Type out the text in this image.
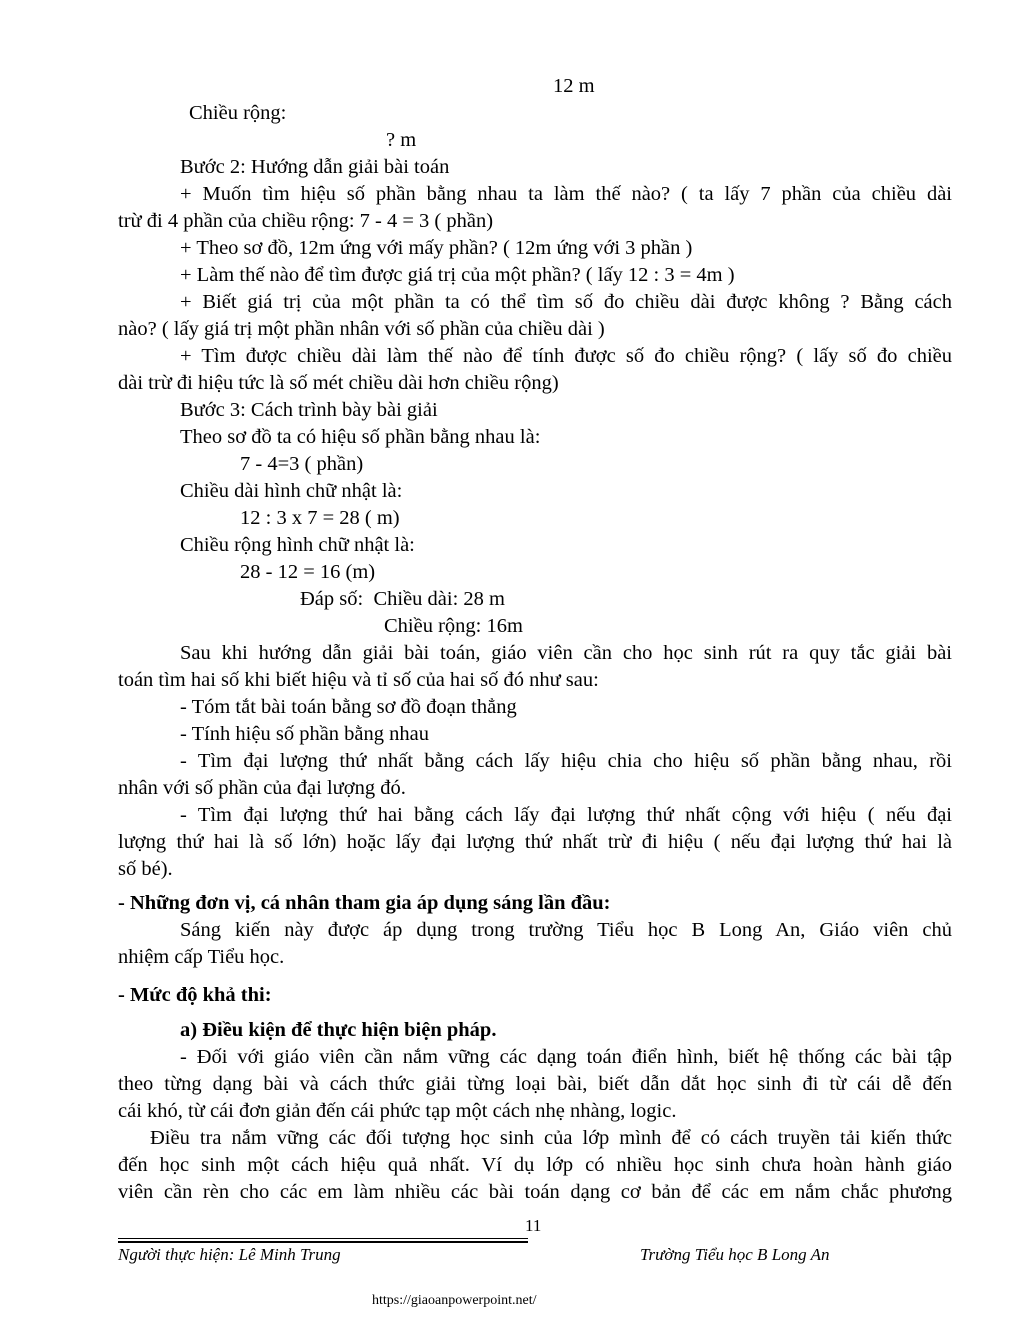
12 m
Chiều rộng:
? m
Bước 2: Hướng dẫn giải bài toán
+ Muốn tìm hiệu số phần bằng nhau ta làm thế nào? ( ta lấy 7 phần của chiều dài
trừ đi 4 phần của chiều rộng: 7 - 4 = 3 ( phần)
+ Theo sơ đồ, 12m ứng với mấy phần? ( 12m ứng với 3 phần )
+ Làm thế nào để tìm được giá trị của một phần? ( lấy 12 : 3 = 4m )
+ Biết giá trị của một phần ta có thể tìm số đo chiều dài được không ? Bằng cách
nào? ( lấy giá trị một phần nhân với số phần của chiều dài )
+ Tìm được chiều dài làm thế nào để tính được số đo chiều rộng? ( lấy số đo chiều
dài trừ đi hiệu tức là số mét chiều dài hơn chiều rộng)
Bước 3: Cách trình bày bài giải
Theo sơ đồ ta có hiệu số phần bằng nhau là:
7 - 4=3 ( phần)
Chiều dài hình chữ nhật là:
12 : 3 x 7 = 28 ( m)
Chiều rộng hình chữ nhật là:
28 - 12 = 16 (m)
Đáp số:  Chiều dài: 28 m
Chiều rộng: 16m
Sau khi hướng dẫn giải bài toán, giáo viên cần cho học sinh rút ra quy tắc giải bài
toán tìm hai số khi biết hiệu và tỉ số của hai số đó như sau:
- Tóm tắt bài toán bằng sơ đồ đoạn thẳng
- Tính hiệu số phần bằng nhau
- Tìm đại lượng thứ nhất bằng cách lấy hiệu chia cho hiệu số phần bằng nhau, rồi
nhân với số phần của đại lượng đó.
- Tìm đại lượng thứ hai bằng cách lấy đại lượng thứ nhất cộng với hiệu ( nếu đại
lượng thứ hai là số lớn) hoặc lấy đại lượng thứ nhất trừ đi hiệu ( nếu đại lượng thứ hai là
số bé).
- Những đơn vị, cá nhân tham gia áp dụng sáng lần đầu:
Sáng kiến này được áp dụng trong trường Tiểu học B Long An, Giáo viên chủ
nhiệm cấp Tiểu học.
- Mức độ khả thi:
a) Điều kiện để thực hiện biện pháp.
- Đối với giáo viên cần nắm vững các dạng toán điển hình, biết hệ thống các bài tập
theo từng dạng bài và cách thức giải từng loại bài, biết dẫn dắt học sinh đi từ cái dễ đến
cái khó, từ cái đơn giản đến cái phức tạp một cách nhẹ nhàng, logic.
Điều tra nắm vững các đối tượng học sinh của lớp mình để có cách truyền tải kiến thức
đến học sinh một cách hiệu quả nhất. Ví dụ lớp có nhiều học sinh chưa hoàn hành giáo
viên cần rèn cho các em làm nhiều các bài toán dạng cơ bản để các em nắm chắc phương
11
Người thực hiện: Lê Minh Trung	Trường Tiểu học B Long An
https://giaoanpowerpoint.net/
